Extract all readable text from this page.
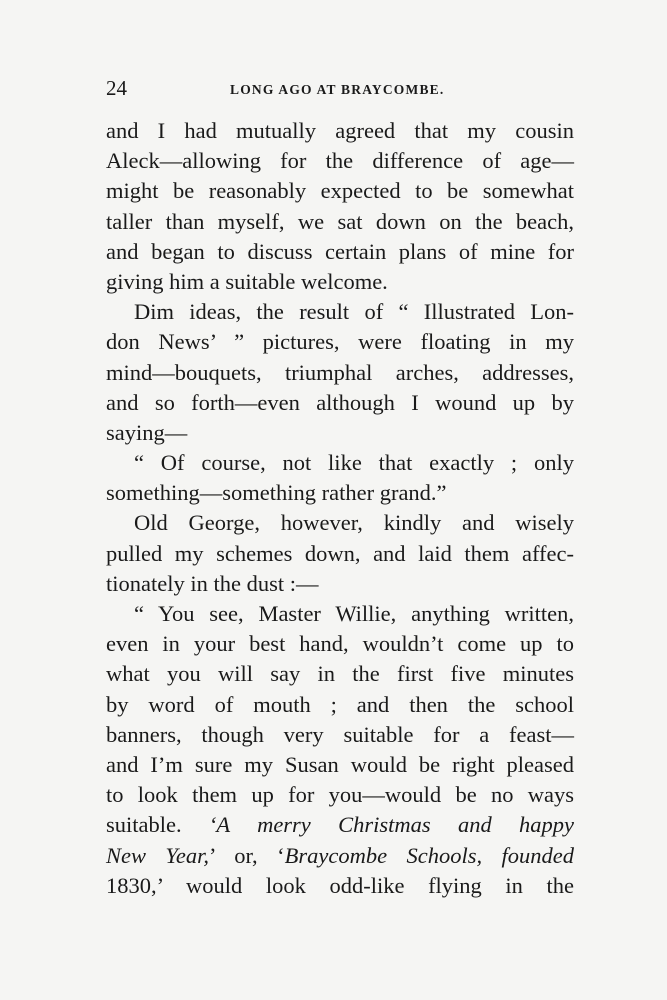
24	LONG AGO AT BRAYCOMBE.
and I had mutually agreed that my cousin
Aleck—allowing for the difference of age—
might be reasonably expected to be somewhat
taller than myself, we sat down on the beach,
and began to discuss certain plans of mine for
giving him a suitable welcome.
Dim ideas, the result of “ Illustrated Lon-
don News’ ” pictures, were floating in my
mind—bouquets, triumphal arches, addresses,
and so forth—even although I wound up by
saying—
“ Of course, not like that exactly ; only
something—something rather grand.”
Old George, however, kindly and wisely
pulled my schemes down, and laid them affec-
tionately in the dust :—
“ You see, Master Willie, anything written,
even in your best hand, wouldn’t come up to
what you will say in the first five minutes
by word of mouth ; and then the school
banners, though very suitable for a feast—
and I’m sure my Susan would be right pleased
to look them up for you—would be no ways
suitable. ‘A merry Christmas and happy
New Year,’ or, ‘Braycombe Schools, founded
1830,’ would look odd-like flying in the
